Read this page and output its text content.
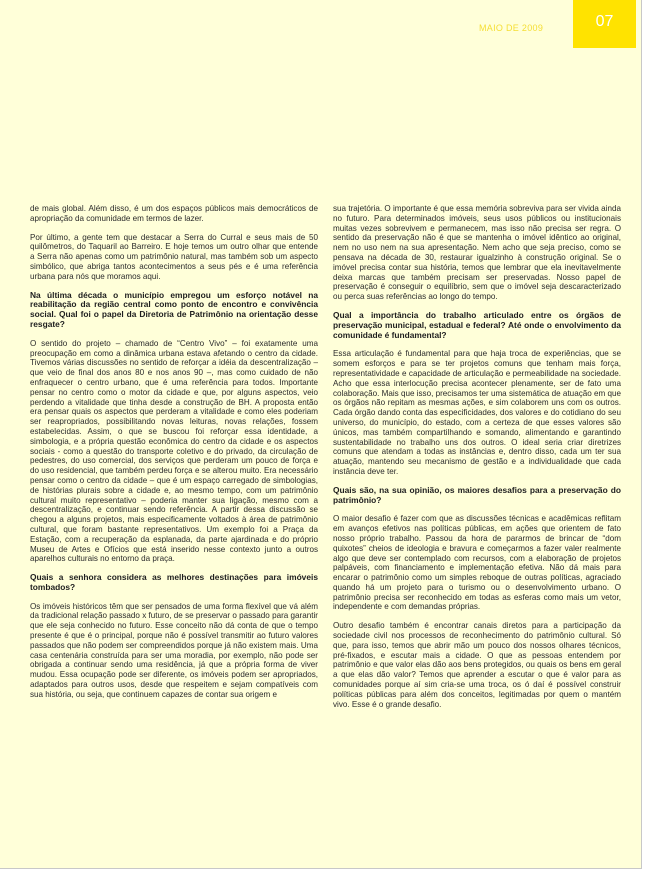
MAIO DE 2009	07

de mais global. Além disso, é um dos espaços públicos mais democráticos de apropriação da comunidade em termos de lazer.

Por último, a gente tem que destacar a Serra do Curral e seus mais de 50 quilômetros, do Taquaril ao Barreiro. E hoje temos um outro olhar que entende a Serra não apenas como um patrimônio natural, mas também sob um aspecto simbólico, que abriga tantos acontecimentos a seus pés e é uma referência urbana para nós que moramos aqui.

Na última década o município empregou um esforço notável na reabilitação da região central como ponto de encontro e convivência social. Qual foi o papel da Diretoria de Patrimônio na orientação desse resgate?

O sentido do projeto – chamado de “Centro Vivo” – foi exatamente uma preocupação em como a dinâmica urbana estava afetando o centro da cidade. Tivemos várias discussões no sentido de reforçar a idéia da descentralização – que veio de final dos anos 80 e nos anos 90 –, mas como cuidado de não enfraquecer o centro urbano, que é uma referência para todos. Importante pensar no centro como o motor da cidade e que, por alguns aspectos, veio perdendo a vitalidade que tinha desde a construção de BH. A proposta então era pensar quais os aspectos que perderam a vitalidade e como eles poderiam ser reapropriados, possibilitando novas leituras, novas relações, fossem estabelecidas. Assim, o que se buscou foi reforçar essa identidade, a simbologia, e a própria questão econômica do centro da cidade e os aspectos sociais - como a questão do transporte coletivo e do privado, da circulação de pedestres, do uso comercial, dos serviços que perderam um pouco de força e do uso residencial, que também perdeu força e se alterou muito. Era necessário pensar como o centro da cidade – que é um espaço carregado de simbologias, de histórias plurais sobre a cidade e, ao mesmo tempo, com um patrimônio cultural muito representativo – poderia manter sua ligação, mesmo com a descentralização, e continuar sendo referência. A partir dessa discussão se chegou a alguns projetos, mais especificamente voltados à área de patrimônio cultural, que foram bastante representativos. Um exemplo foi a Praça da Estação, com a recuperação da esplanada, da parte ajardinada e do próprio Museu de Artes e Ofícios que está inserido nesse contexto junto a outros aparelhos culturais no entorno da praça.

Quais a senhora considera as melhores destinações para imóveis tombados?

Os imóveis históricos têm que ser pensados de uma forma flexível que vá além da tradicional relação passado x futuro, de se preservar o passado para garantir que ele seja conhecido no futuro. Esse conceito não dá conta de que o tempo presente é que é o principal, porque não é possível transmitir ao futuro valores passados que não podem ser compreendidos porque já não existem mais. Uma casa centenária construída para ser uma moradia, por exemplo, não pode ser obrigada a continuar sendo uma residência, já que a própria forma de viver mudou. Essa ocupação pode ser diferente, os imóveis podem ser apropriados, adaptados para outros usos, desde que respeitem e sejam compatíveis com sua história, ou seja, que continuem capazes de contar sua origem e

sua trajetória. O importante é que essa memória sobreviva para ser vivida ainda no futuro. Para determinados imóveis, seus usos públicos ou institucionais muitas vezes sobrevivem e permanecem, mas isso não precisa ser regra. O sentido da preservação não é que se mantenha o imóvel idêntico ao original, nem no uso nem na sua apresentação. Nem acho que seja preciso, como se pensava na década de 30, restaurar igualzinho à construção original. Se o imóvel precisa contar sua história, temos que lembrar que ela inevitavelmente deixa marcas que também precisam ser preservadas. Nosso papel de preservação é conseguir o equilíbrio, sem que o imóvel seja descaracterizado ou perca suas referências ao longo do tempo.

Qual a importância do trabalho articulado entre os órgãos de preservação municipal, estadual e federal? Até onde o envolvimento da comunidade é fundamental?

Essa articulação é fundamental para que haja troca de experiências, que se somem esforços e para se ter projetos comuns que tenham mais força, representatividade e capacidade de articulação e permeabilidade na sociedade. Acho que essa interlocução precisa acontecer plenamente, ser de fato uma colaboração. Mais que isso, precisamos ter uma sistemática de atuação em que os órgãos não repitam as mesmas ações, e sim colaborem uns com os outros. Cada órgão dando conta das especificidades, dos valores e do cotidiano do seu universo, do município, do estado, com a certeza de que esses valores são únicos, mas também compartilhando e somando, alimentando e garantindo sustentabilidade no trabalho uns dos outros. O ideal seria criar diretrizes comuns que atendam a todas as instâncias e, dentro disso, cada um ter sua atuação, mantendo seu mecanismo de gestão e a individualidade que cada instância deve ter.

Quais são, na sua opinião, os maiores desafios para a preservação do patrimônio?

O maior desafio é fazer com que as discussões técnicas e acadêmicas reflitam em avanços efetivos nas políticas públicas, em ações que orientem de fato nosso próprio trabalho. Passou da hora de pararmos de brincar de “dom quixotes” cheios de ideologia e bravura e começarmos a fazer valer realmente algo que deve ser contemplado com recursos, com a elaboração de projetos palpáveis, com financiamento e implementação efetiva. Não dá mais para encarar o patrimônio como um simples reboque de outras políticas, agraciado quando há um projeto para o turismo ou o desenvolvimento urbano. O patrimônio precisa ser reconhecido em todas as esferas como mais um vetor, independente e com demandas próprias.

Outro desafio também é encontrar canais diretos para a participação da sociedade civil nos processos de reconhecimento do patrimônio cultural. Só que, para isso, temos que abrir mão um pouco dos nossos olhares técnicos, pré-fixados, e escutar mais a cidade. O que as pessoas entendem por patrimônio e que valor elas dão aos bens protegidos, ou quais os bens em geral a que elas dão valor? Temos que aprender a escutar o que é valor para as comunidades porque aí sim cria-se uma troca, os ó daí é possível construir políticas públicas para além dos conceitos, legitimadas por quem o mantém vivo. Esse é o grande desafio.
